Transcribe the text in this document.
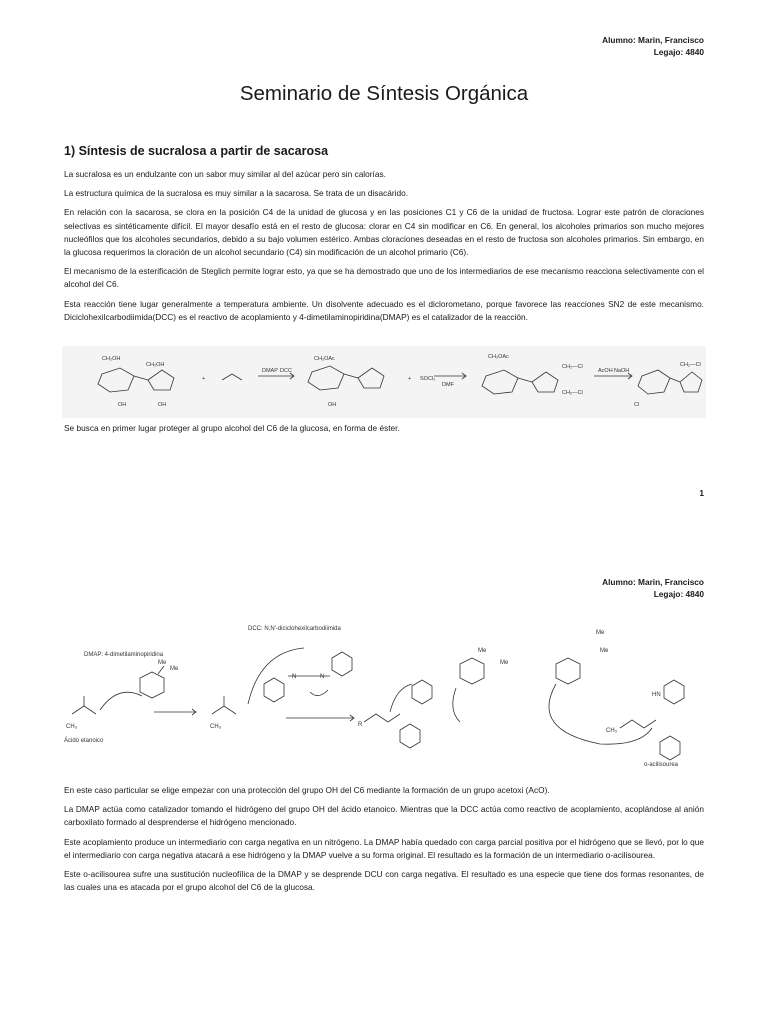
Alumno: Marin, Francisco
Legajo: 4840
Seminario de Síntesis Orgánica
1) Síntesis de sucralosa a partir de sacarosa

La sucralosa es un endulzante con un sabor muy similar al del azúcar pero sin calorías.

La estructura química de la sucralosa es muy similar a la sacarosa. Se trata de un disacárido.

En relación con la sacarosa, se clora en la posición C4 de la unidad de glucosa y en las posiciones C1 y C6 de la unidad de fructosa. Lograr este patrón de cloraciones selectivas es sintéticamente difícil. El mayor desafío está en el resto de glucosa: clorar en C4 sin modificar en C6. En general, los alcoholes primarios son mucho mejores nucleófilos que los alcoholes secundarios, debido a su bajo volumen estérico. Ambas cloraciones deseadas en el resto de fructosa son alcoholes primarios. Sin embargo, en la glucosa requerimos la cloración de un alcohol secundario (C4) sin modificación de un alcohol primario (C6).

El mecanismo de la esterificación de Steglich permite lograr esto, ya que se ha demostrado que uno de los intermediarios de ese mecanismo reacciona selectivamente con el alcohol del C6.

Esta reacción tiene lugar generalmente a temperatura ambiente. Un disolvente adecuado es el diclorometano, porque favorece las reacciones SN2 de este mecanismo. Diciclohexilcarbodiimida(DCC) es el reactivo de acoplamiento y 4-dimetilaminopiridina(DMAP) es el catalizador de la reacción.

CH₂OH
CH₂OH
OH	OH
+
DMAP DCC
CH₂OAc
OH
+ SOCl₂
DMF
CH₂OAc
CH₂—Cl
CH₂—Cl
AcOH NaOH
Cl
CH₂—Cl

Se busca en primer lugar proteger al grupo alcohol del C6 de la glucosa, en forma de éster.

1
Alumno: Marin, Francisco
Legajo: 4840
DCC: N,N'-diciclohexilcarbodiimida
DMAP: 4-dimetilaminopiridina
Me
Me
Ácido etanoico
CH₃	CH₃
N	N
R
Me
Me
Me
Me
HN
CH₃
o-acilisourea

En este caso particular se elige empezar con una protección del grupo OH del C6 mediante la formación de un grupo acetoxi (AcO).

La DMAP actúa como catalizador tomando el hidrógeno del grupo OH del ácido etanoico. Mientras que la DCC actúa como reactivo de acoplamiento, acoplándose al anión carboxilato formado al desprenderse el hidrógeno mencionado.

Este acoplamiento produce un intermediario con carga negativa en un nitrógeno. La DMAP había quedado con carga parcial positiva por el hidrógeno que se llevó, por lo que el intermediario con carga negativa atacará a ese hidrógeno y la DMAP vuelve a su forma original. El resultado es la formación de un intermediario o-acilisourea.

Este o-acilisourea sufre una sustitución nucleofílica de la DMAP y se desprende DCU con carga negativa. El resultado es una especie que tiene dos formas resonantes, de las cuales una es atacada por el grupo alcohol del C6 de la glucosa.
